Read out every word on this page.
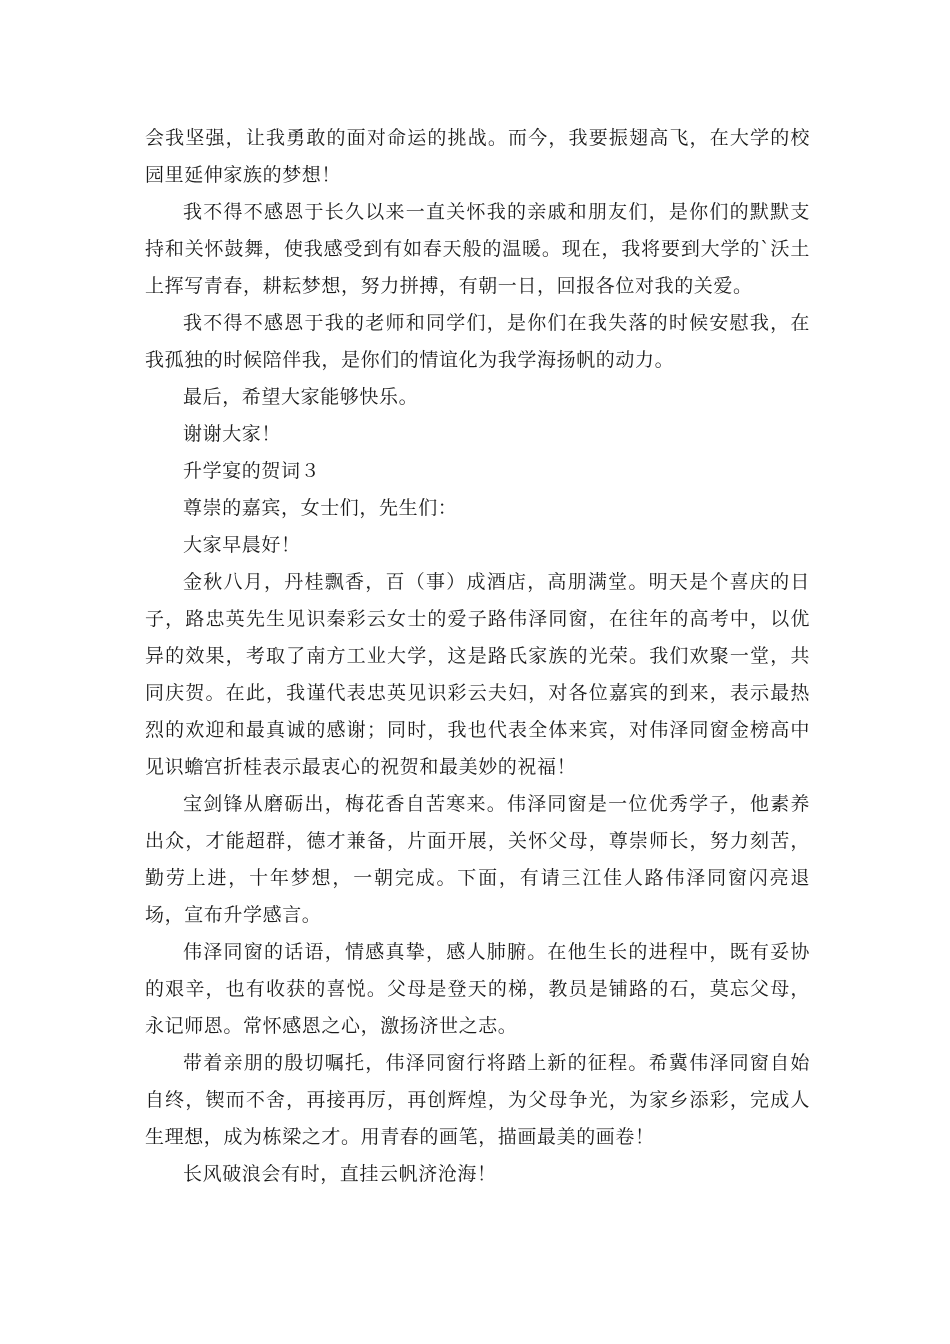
会我坚强，让我勇敢的面对命运的挑战。而今，我要振翅高飞，在大学的校园里延伸家族的梦想！

我不得不感恩于长久以来一直关怀我的亲戚和朋友们，是你们的默默支持和关怀鼓舞，使我感受到有如春天般的温暖。现在，我将要到大学的`沃土上挥写青春，耕耘梦想，努力拼搏，有朝一日，回报各位对我的关爱。

我不得不感恩于我的老师和同学们，是你们在我失落的时候安慰我，在我孤独的时候陪伴我，是你们的情谊化为我学海扬帆的动力。

最后，希望大家能够快乐。

谢谢大家！

升学宴的贺词３

尊崇的嘉宾，女士们，先生们：

大家早晨好！

金秋八月，丹桂飘香，百（事）成酒店，高朋满堂。明天是个喜庆的日子，路忠英先生见识秦彩云女士的爱子路伟泽同窗，在往年的高考中，以优异的效果，考取了南方工业大学，这是路氏家族的光荣。我们欢聚一堂，共同庆贺。在此，我谨代表忠英见识彩云夫妇，对各位嘉宾的到来，表示最热烈的欢迎和最真诚的感谢；同时，我也代表全体来宾，对伟泽同窗金榜高中见识蟾宫折桂表示最衷心的祝贺和最美妙的祝福！

宝剑锋从磨砺出，梅花香自苦寒来。伟泽同窗是一位优秀学子，他素养出众，才能超群，德才兼备，片面开展，关怀父母，尊崇师长，努力刻苦，勤劳上进，十年梦想，一朝完成。下面，有请三江佳人路伟泽同窗闪亮退场，宣布升学感言。

伟泽同窗的话语，情感真挚，感人肺腑。在他生长的进程中，既有妥协的艰辛，也有收获的喜悦。父母是登天的梯，教员是铺路的石，莫忘父母，永记师恩。常怀感恩之心，激扬济世之志。

带着亲朋的殷切嘱托，伟泽同窗行将踏上新的征程。希冀伟泽同窗自始自终，锲而不舍，再接再厉，再创辉煌，为父母争光，为家乡添彩，完成人生理想，成为栋梁之才。用青春的画笔，描画最美的画卷！

长风破浪会有时，直挂云帆济沧海！
